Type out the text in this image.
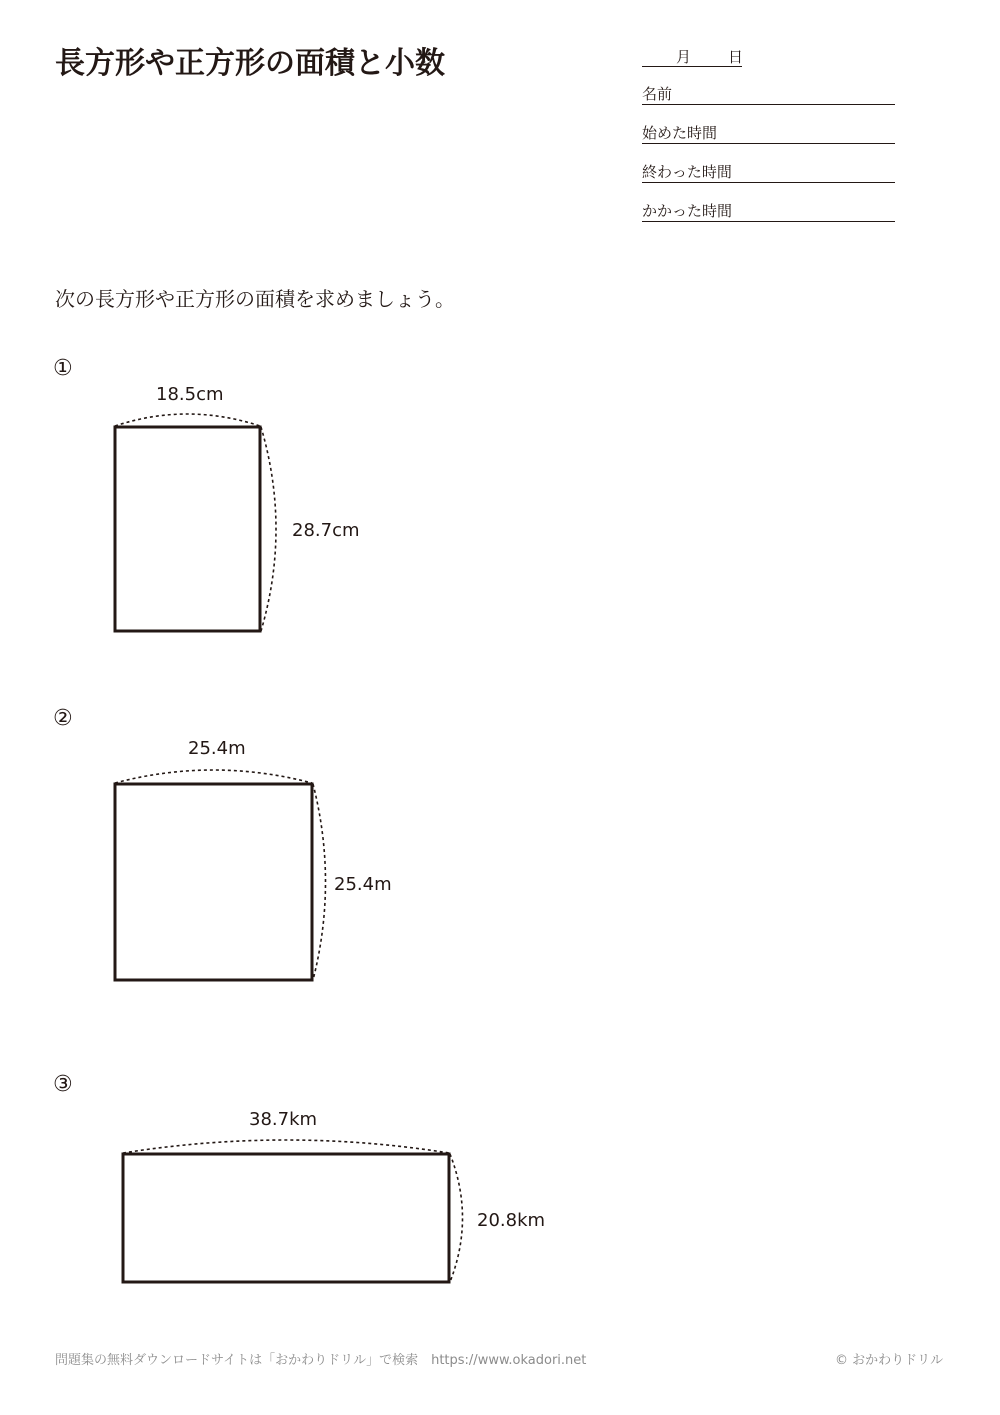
長方形や正方形の面積と小数	月 日
名前
始めた時間
終わった時間
かかった時間

次の長方形や正方形の面積を求めましょう。

①
18.5cm
28.7cm
②
25.4m
25.4m
③
38.7km
20.8km
問題集の無料ダウンロードサイトは「おかわりドリル」で検索　https://www.okadori.net	© おかわりドリル
